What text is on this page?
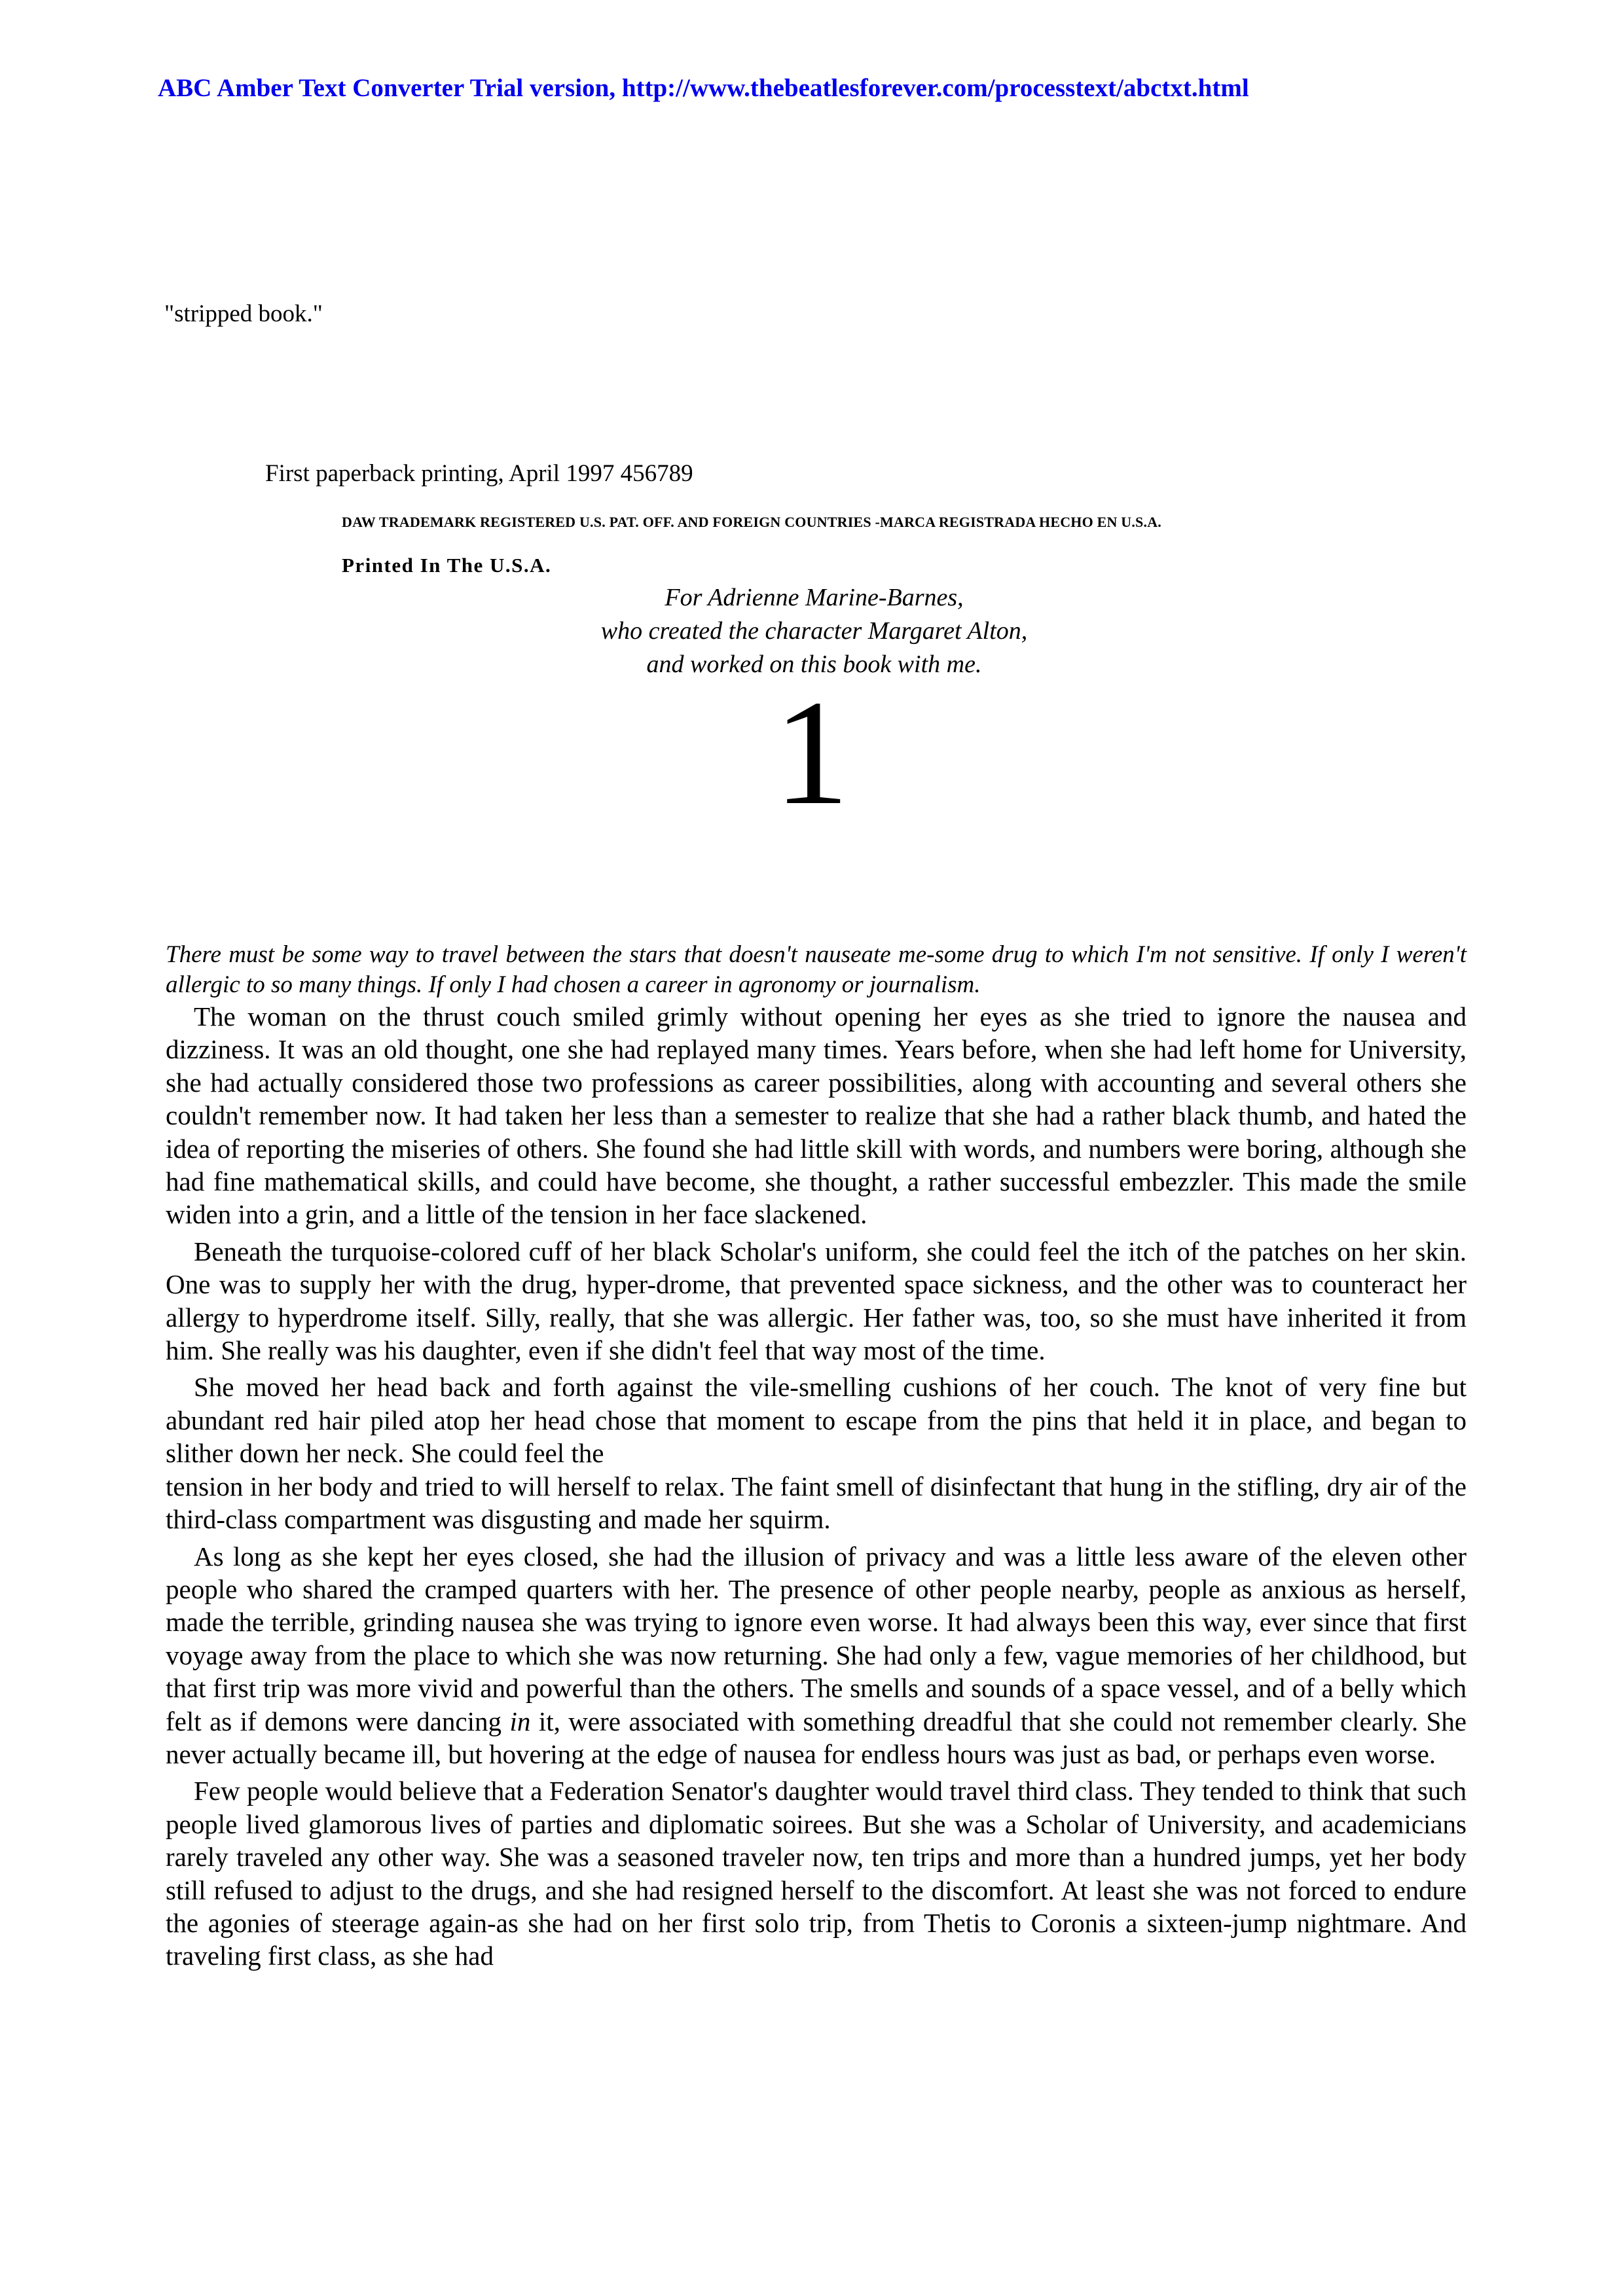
ABC Amber Text Converter Trial version, http://www.thebeatlesforever.com/processtext/abctxt.html
"stripped book."
First paperback printing, April 1997 456789
DAW TRADEMARK REGISTERED U.S. PAT. OFF. AND FOREIGN COUNTRIES -MARCA REGISTRADA HECHO EN U.S.A.
Printed In The U.S.A.
For Adrienne Marine-Barnes,
who created the character Margaret Alton,
and worked on this book with me.
1

There must be some way to travel between the stars that doesn't nauseate me-some drug to which I'm not sensitive. If only I weren't allergic to so many things. If only I had chosen a career in agronomy or journalism.

The woman on the thrust couch smiled grimly without opening her eyes as she tried to ignore the nausea and dizziness. It was an old thought, one she had replayed many times. Years before, when she had left home for University, she had actually considered those two professions as career possibilities, along with accounting and several others she couldn't remember now. It had taken her less than a semester to realize that she had a rather black thumb, and hated the idea of reporting the miseries of others. She found she had little skill with words, and numbers were boring, although she had fine mathematical skills, and could have become, she thought, a rather successful embezzler. This made the smile widen into a grin, and a little of the tension in her face slackened.

Beneath the turquoise-colored cuff of her black Scholar's uniform, she could feel the itch of the patches on her skin. One was to supply her with the drug, hyper-drome, that prevented space sickness, and the other was to counteract her allergy to hyperdrome itself. Silly, really, that she was allergic. Her father was, too, so she must have inherited it from him. She really was his daughter, even if she didn't feel that way most of the time.

She moved her head back and forth against the vile-smelling cushions of her couch. The knot of very fine but abundant red hair piled atop her head chose that moment to escape from the pins that held it in place, and began to slither down her neck. She could feel the

tension in her body and tried to will herself to relax. The faint smell of disinfectant that hung in the stifling, dry air of the third-class compartment was disgusting and made her squirm.

As long as she kept her eyes closed, she had the illusion of privacy and was a little less aware of the eleven other people who shared the cramped quarters with her. The presence of other people nearby, people as anxious as herself, made the terrible, grinding nausea she was trying to ignore even worse. It had always been this way, ever since that first voyage away from the place to which she was now returning. She had only a few, vague memories of her childhood, but that first trip was more vivid and powerful than the others. The smells and sounds of a space vessel, and of a belly which felt as if demons were dancing in it, were associated with something dreadful that she could not remember clearly. She never actually became ill, but hovering at the edge of nausea for endless hours was just as bad, or perhaps even worse.

Few people would believe that a Federation Senator's daughter would travel third class. They tended to think that such people lived glamorous lives of parties and diplomatic soirees. But she was a Scholar of University, and academicians rarely traveled any other way. She was a seasoned traveler now, ten trips and more than a hundred jumps, yet her body still refused to adjust to the drugs, and she had resigned herself to the discomfort. At least she was not forced to endure the agonies of steerage again-as she had on her first solo trip, from Thetis to Coronis a sixteen-jump nightmare. And traveling first class, as she had
